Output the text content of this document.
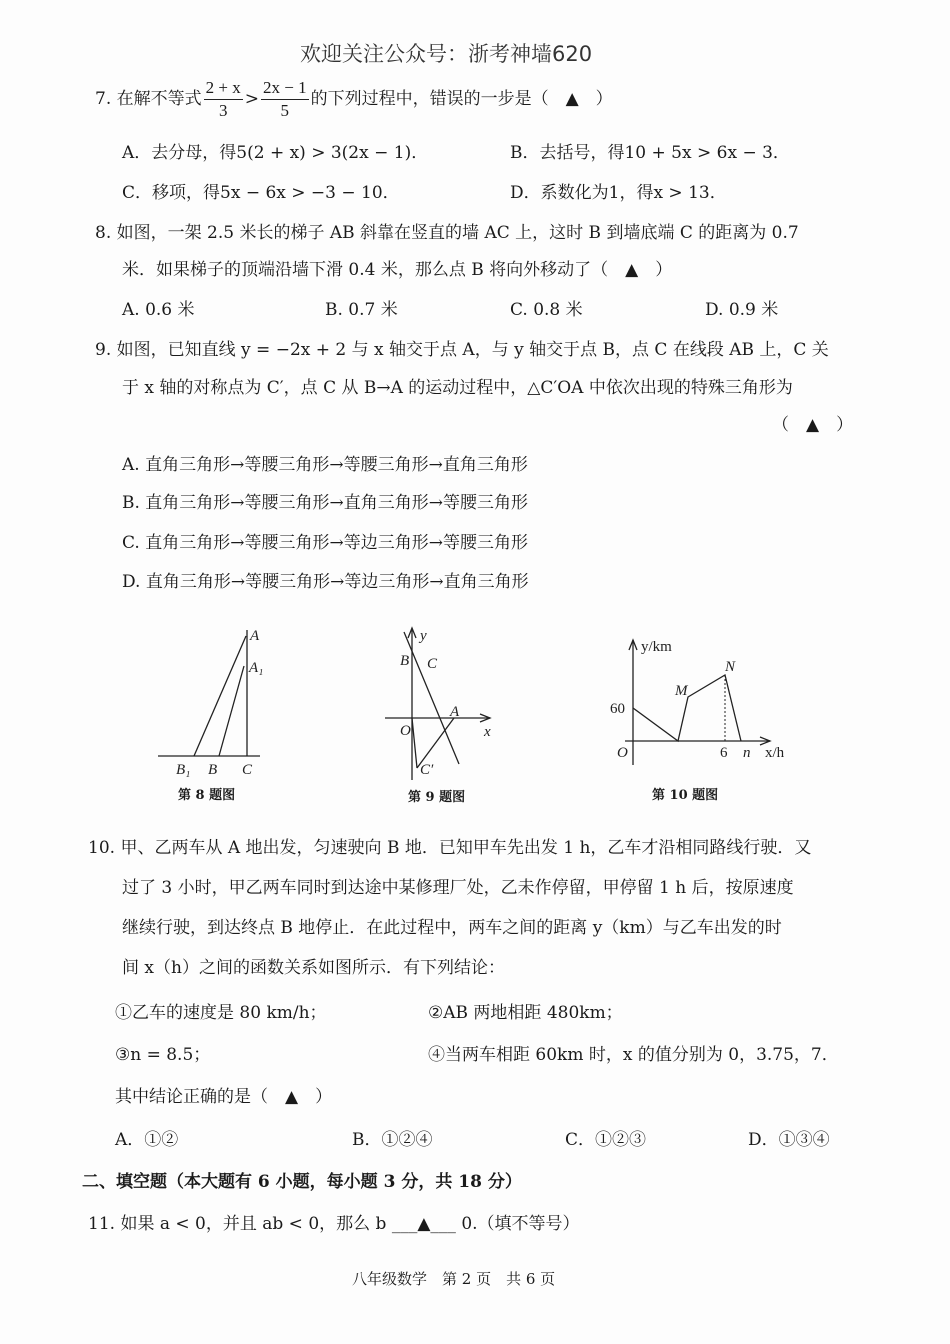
欢迎关注公众号：浙考神墙620
7. 在解不等式 $\frac{2 + x}{3} > \frac{2x - 1}{5}$ 的下列过程中，错误的一步是（　▲　）
A．去分母，得5(2 + x) > 3(2x − 1)．	B．去括号，得10 + 5x > 6x − 3．
C．移项，得5x − 6x > −3 − 10．	D．系数化为1，得x > 13．
8. 如图，一架 2.5 米长的梯子 AB 斜靠在竖直的墙 AC 上，这时 B 到墙底端 C 的距离为 0.7
米．如果梯子的顶端沿墙下滑 0.4 米，那么点 B 将向外移动了（　▲　）
A. 0.6 米	B. 0.7 米	C. 0.8 米	D. 0.9 米
9. 如图，已知直线 y = −2x + 2 与 x 轴交于点 A，与 y 轴交于点 B，点 C 在线段 AB 上，C 关
于 x 轴的对称点为 C′，点 C 从 B→A 的运动过程中，△C′OA 中依次出现的特殊三角形为
（　▲　）
A. 直角三角形→等腰三角形→等腰三角形→直角三角形
B. 直角三角形→等腰三角形→直角三角形→等腰三角形
C. 直角三角形→等腰三角形→等边三角形→等腰三角形
D. 直角三角形→等腰三角形→等边三角形→直角三角形
A
A₁
B₁ B C
第 8 题图
y
B C
O
A
x
C′
第 9 题图
y/km
60
M
N
O	6 n x/h
第 10 题图
10. 甲、乙两车从 A 地出发，匀速驶向 B 地．已知甲车先出发 1 h，乙车才沿相同路线行驶．又
过了 3 小时，甲乙两车同时到达途中某修理厂处，乙未作停留，甲停留 1 h 后，按原速度
继续行驶，到达终点 B 地停止．在此过程中，两车之间的距离 y（km）与乙车出发的时
间 x（h）之间的函数关系如图所示．有下列结论：
①乙车的速度是 80 km/h；	②AB 两地相距 480km；
③n = 8.5；	④当两车相距 60km 时，x 的值分别为 0，3.75，7．
其中结论正确的是（　▲　）
A．①②	B．①②④	C．①②③	D．①③④
二、填空题（本大题有 6 小题，每小题 3 分，共 18 分）
11. 如果 a < 0，并且 ab < 0，那么 b ___▲___ 0.（填不等号）
八年级数学　第 2 页　共 6 页
